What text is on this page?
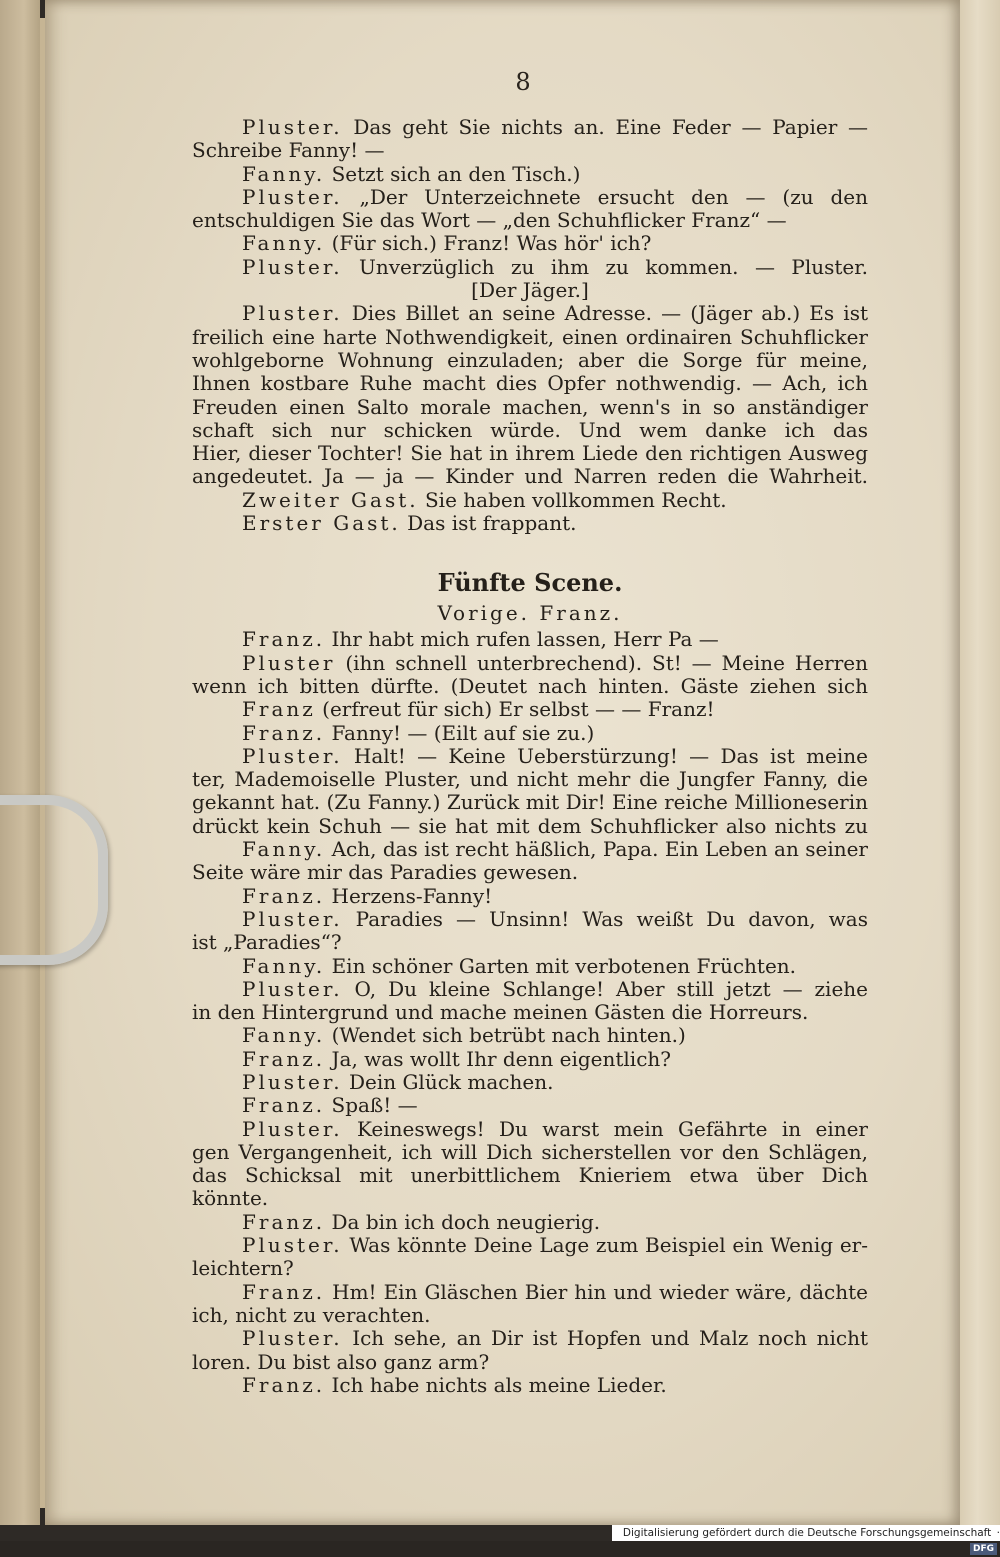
8
Pluster. Das geht Sie nichts an. Eine Feder — Papier —
Schreibe Fanny! —
Fanny. Setzt sich an den Tisch.)
Pluster. „Der Unterzeichnete ersucht den — (zu den
entschuldigen Sie das Wort — „den Schuhflicker Franz“ —
Fanny. (Für sich.) Franz! Was hör' ich?
Pluster. Unverzüglich zu ihm zu kommen. — Pluster.
[Der Jäger.]
Pluster. Dies Billet an seine Adresse. — (Jäger ab.) Es ist
freilich eine harte Nothwendigkeit, einen ordinairen Schuhflicker
wohlgeborne Wohnung einzuladen; aber die Sorge für meine,
Ihnen kostbare Ruhe macht dies Opfer nothwendig. — Ach, ich
Freuden einen Salto morale machen, wenn's in so anständiger
schaft sich nur schicken würde. Und wem danke ich das
Hier, dieser Tochter! Sie hat in ihrem Liede den richtigen Ausweg
angedeutet. Ja — ja — Kinder und Narren reden die Wahrheit.
Zweiter Gast. Sie haben vollkommen Recht.
Erster Gast. Das ist frappant.
Fünfte Scene.
Vorige. Franz.
Franz. Ihr habt mich rufen lassen, Herr Pa —
Pluster (ihn schnell unterbrechend). St! — Meine Herren
wenn ich bitten dürfte. (Deutet nach hinten. Gäste ziehen sich
Franz (erfreut für sich) Er selbst — — Franz!
Franz. Fanny! — (Eilt auf sie zu.)
Pluster. Halt! — Keine Ueberstürzung! — Das ist meine
ter, Mademoiselle Pluster, und nicht mehr die Jungfer Fanny, die
gekannt hat. (Zu Fanny.) Zurück mit Dir! Eine reiche Millioneserin
drückt kein Schuh — sie hat mit dem Schuhflicker also nichts zu
Fanny. Ach, das ist recht häßlich, Papa. Ein Leben an seiner
Seite wäre mir das Paradies gewesen.
Franz. Herzens-Fanny!
Pluster. Paradies — Unsinn! Was weißt Du davon, was
ist „Paradies“?
Fanny. Ein schöner Garten mit verbotenen Früchten.
Pluster. O, Du kleine Schlange! Aber still jetzt — ziehe
in den Hintergrund und mache meinen Gästen die Horreurs.
Fanny. (Wendet sich betrübt nach hinten.)
Franz. Ja, was wollt Ihr denn eigentlich?
Pluster. Dein Glück machen.
Franz. Spaß! —
Pluster. Keineswegs! Du warst mein Gefährte in einer
gen Vergangenheit, ich will Dich sicherstellen vor den Schlägen,
das Schicksal mit unerbittlichem Knieriem etwa über Dich
könnte.
Franz. Da bin ich doch neugierig.
Pluster. Was könnte Deine Lage zum Beispiel ein Wenig er-
leichtern?
Franz. Hm! Ein Gläschen Bier hin und wieder wäre, dächte
ich, nicht zu verachten.
Pluster. Ich sehe, an Dir ist Hopfen und Malz noch nicht
loren. Du bist also ganz arm?
Franz. Ich habe nichts als meine Lieder.
Digitalisierung gefördert durch die Deutsche Forschungsgemeinschaft · DFG
